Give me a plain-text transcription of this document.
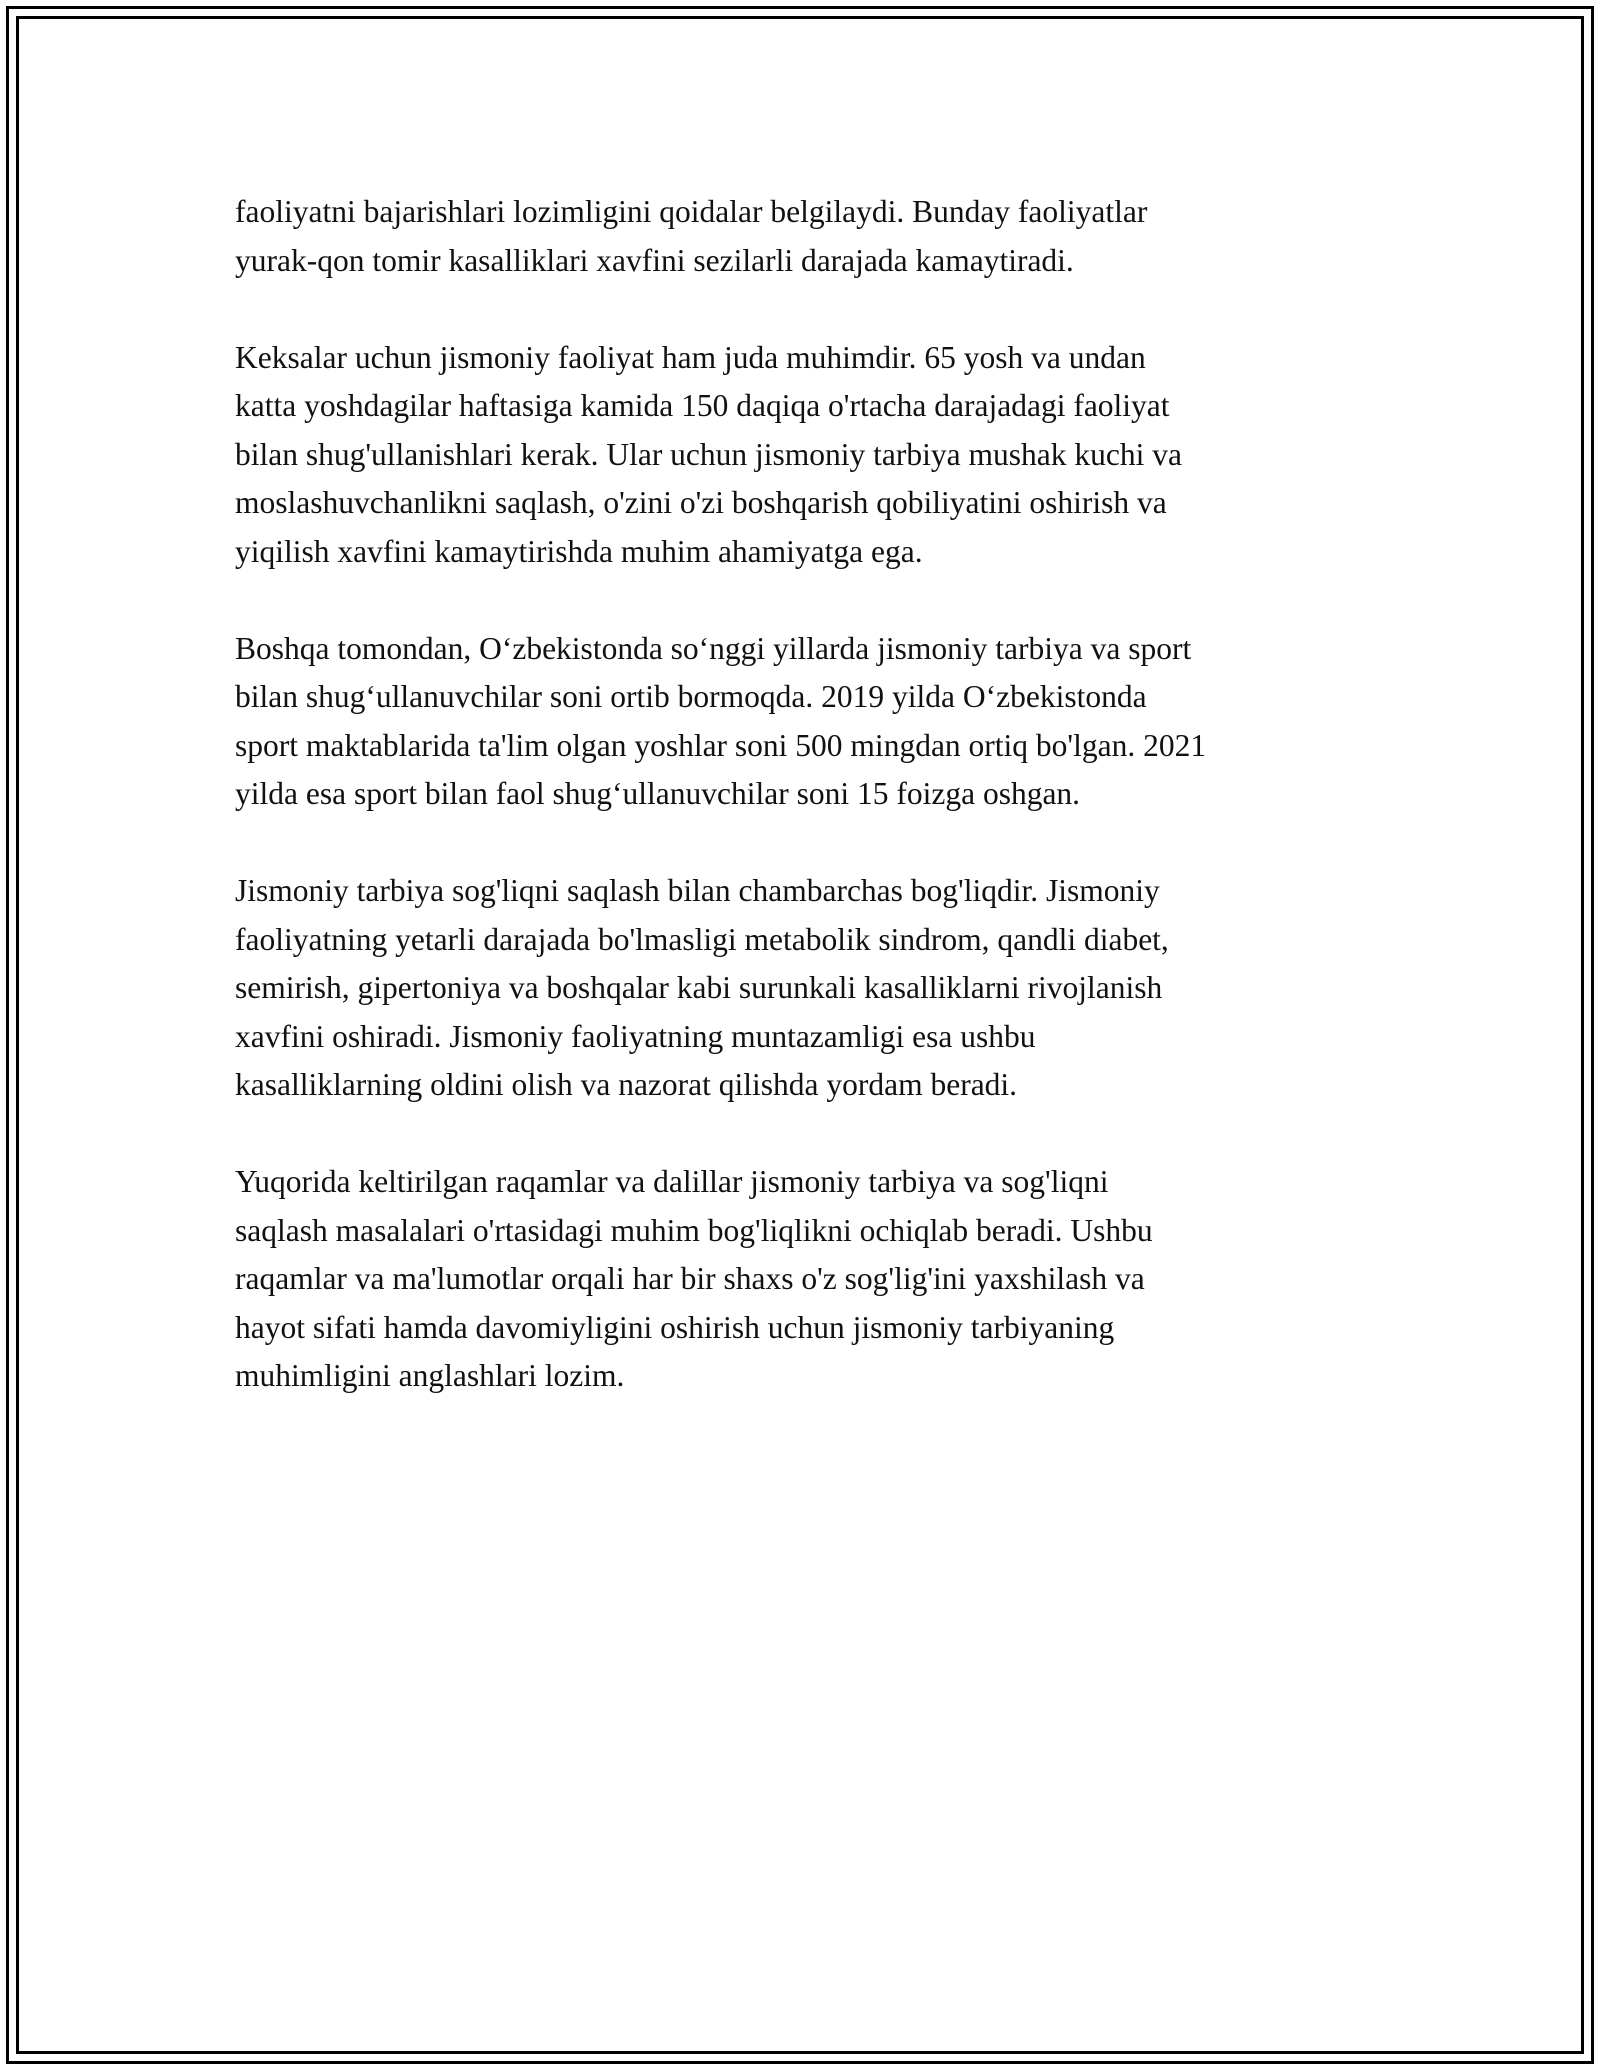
faoliyatni bajarishlari lozimligini qoidalar belgilaydi. Bunday faoliyatlar
yurak-qon tomir kasalliklari xavfini sezilarli darajada kamaytiradi.

Keksalar uchun jismoniy faoliyat ham juda muhimdir. 65 yosh va undan
katta yoshdagilar haftasiga kamida 150 daqiqa o'rtacha darajadagi faoliyat
bilan shug'ullanishlari kerak. Ular uchun jismoniy tarbiya mushak kuchi va
moslashuvchanlikni saqlash, o'zini o'zi boshqarish qobiliyatini oshirish va
yiqilish xavfini kamaytirishda muhim ahamiyatga ega.

Boshqa tomondan, O‘zbekistonda so‘nggi yillarda jismoniy tarbiya va sport
bilan shug‘ullanuvchilar soni ortib bormoqda. 2019 yilda O‘zbekistonda
sport maktablarida ta'lim olgan yoshlar soni 500 mingdan ortiq bo'lgan. 2021
yilda esa sport bilan faol shug‘ullanuvchilar soni 15 foizga oshgan.

Jismoniy tarbiya sog'liqni saqlash bilan chambarchas bog'liqdir. Jismoniy
faoliyatning yetarli darajada bo'lmasligi metabolik sindrom, qandli diabet,
semirish, gipertoniya va boshqalar kabi surunkali kasalliklarni rivojlanish
xavfini oshiradi. Jismoniy faoliyatning muntazamligi esa ushbu
kasalliklarning oldini olish va nazorat qilishda yordam beradi.

Yuqorida keltirilgan raqamlar va dalillar jismoniy tarbiya va sog'liqni
saqlash masalalari o'rtasidagi muhim bog'liqlikni ochiqlab beradi. Ushbu
raqamlar va ma'lumotlar orqali har bir shaxs o'z sog'lig'ini yaxshilash va
hayot sifati hamda davomiyligini oshirish uchun jismoniy tarbiyaning
muhimligini anglashlari lozim.
